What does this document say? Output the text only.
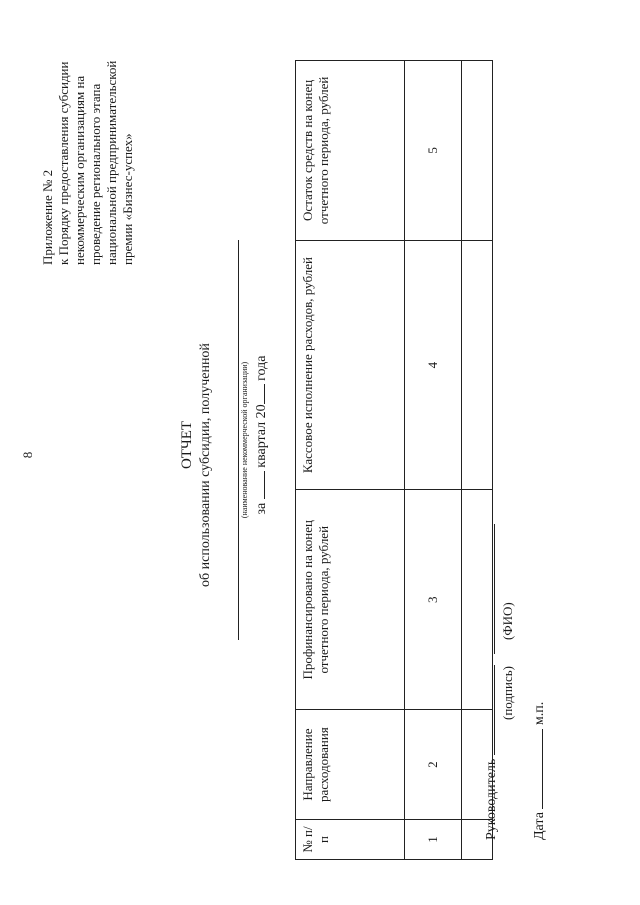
8
Приложение № 2 к Порядку предоставления субсидии некоммерческим организациям на проведение регионального этапа национальной предпринимательской премии «Бизнес-успех»
ОТЧЕТ об использовании субсидии, полученной	(наименование некоммерческой организации) за  квартал 20 года
№ п/п	Направление расходования	Профинансировано на конец отчетного периода, рублей	Кассовое исполнение расходов, рублей	Остаток средств на конец отчетного периода, рублей
1	2	3	4	5

Руководитель
(подпись)
(ФИО)
Дата  м.п.
